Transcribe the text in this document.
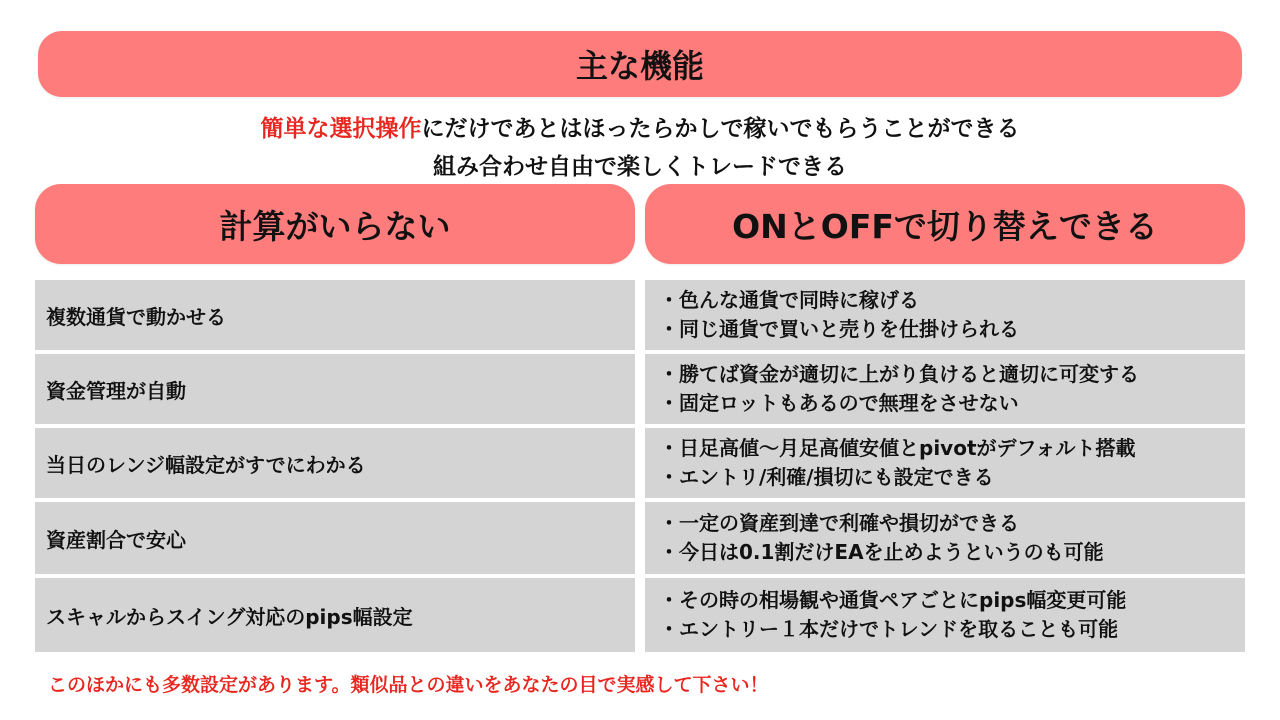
主な機能
簡単な選択操作にだけであとはほったらかしで稼いでもらうことができる
組み合わせ自由で楽しくトレードできる
計算がいらない	ONとOFFで切り替えできる
複数通貨で動かせる
・色んな通貨で同時に稼げる
・同じ通貨で買いと売りを仕掛けられる
資金管理が自動
・勝てば資金が適切に上がり負けると適切に可変する
・固定ロットもあるので無理をさせない
当日のレンジ幅設定がすでにわかる
・日足高値～月足高値安値とpivotがデフォルト搭載
・エントリ/利確/損切にも設定できる
資産割合で安心
・一定の資産到達で利確や損切ができる
・今日は0.1割だけEAを止めようというのも可能
スキャルからスイング対応のpips幅設定
・その時の相場観や通貨ペアごとにpips幅変更可能
・エントリー１本だけでトレンドを取ることも可能
このほかにも多数設定があります。類似品との違いをあなたの目で実感して下さい！
